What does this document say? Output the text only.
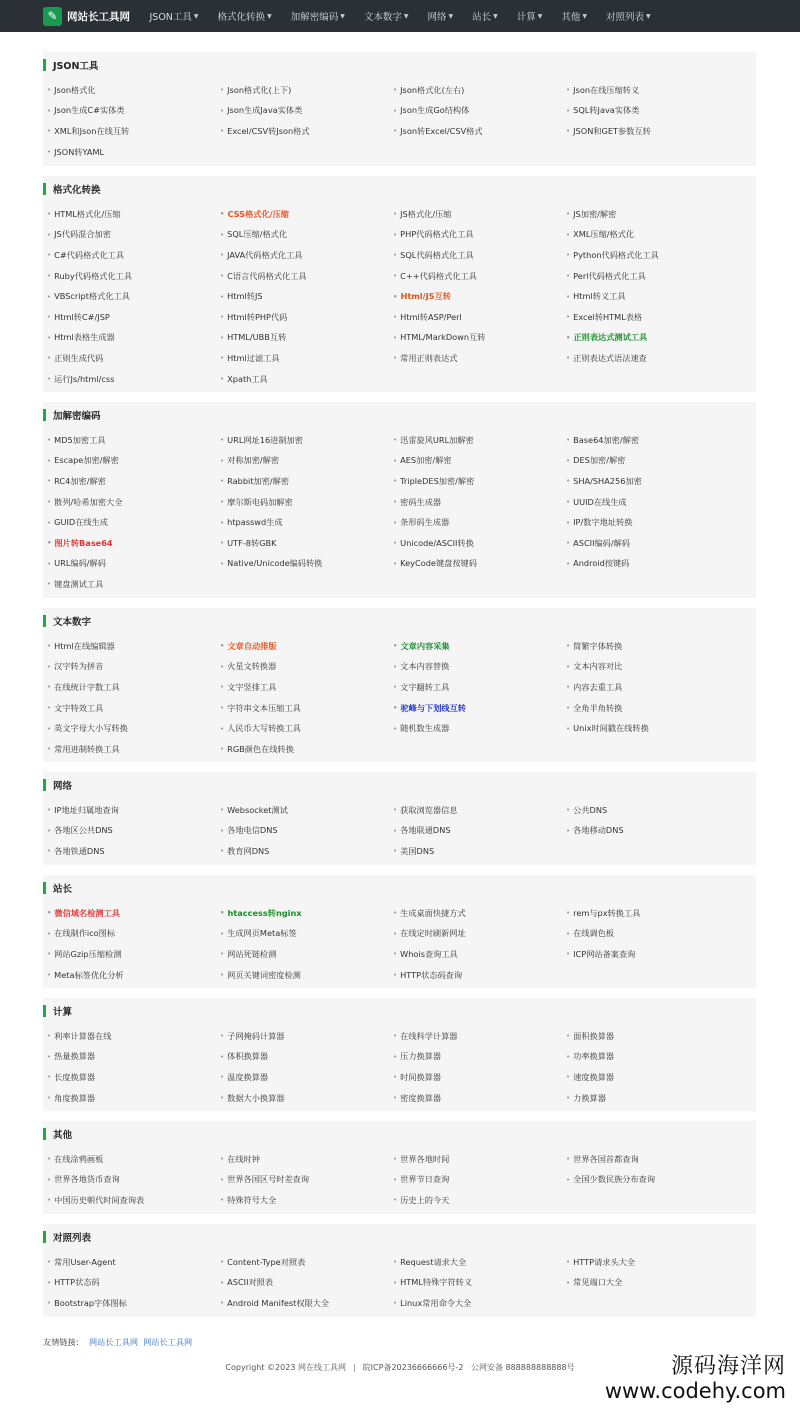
✎ 网站长工具网 JSON工具 ▼ 格式化转换 ▼ 加解密编码 ▼ 文本数字 ▼ 网络 ▼ 站长 ▼ 计算 ▼ 其他 ▼ 对照列表 ▼
JSON工具
• Json格式化	• Json格式化(上下)	• Json格式化(左右)	• Json在线压缩转义
• Json生成C#实体类	• Json生成Java实体类	• Json生成Go结构体	• SQL转Java实体类
• XML和Json在线互转	• Excel/CSV转Json格式	• Json转Excel/CSV格式	• JSON和GET参数互转
• JSON转YAML
格式化转换
• HTML格式化/压缩	• CSS格式化/压缩	• JS格式化/压缩	• JS加密/解密
• JS代码混合加密	• SQL压缩/格式化	• PHP代码格式化工具	• XML压缩/格式化
• C#代码格式化工具	• JAVA代码格式化工具	• SQL代码格式化工具	• Python代码格式化工具
• Ruby代码格式化工具	• C语言代码格式化工具	• C++代码格式化工具	• Perl代码格式化工具
• VBScript格式化工具	• Html转JS	• Html/JS互转	• Html转义工具
• Html转C#/JSP	• Html转PHP代码	• Html转ASP/Perl	• Excel转HTML表格
• Html表格生成器	• HTML/UBB互转	• HTML/MarkDown互转	• 正则表达式测试工具
• 正则生成代码	• Html过滤工具	• 常用正则表达式	• 正则表达式语法速查
• 运行Js/html/css	• Xpath工具
加解密编码
• MD5加密工具	• URL网址16进制加密	• 迅雷旋风URL加解密	• Base64加密/解密
• Escape加密/解密	• 对称加密/解密	• AES加密/解密	• DES加密/解密
• RC4加密/解密	• Rabbit加密/解密	• TripleDES加密/解密	• SHA/SHA256加密
• 散列/哈希加密大全	• 摩尔斯电码加解密	• 密码生成器	• UUID在线生成
• GUID在线生成	• htpasswd生成	• 条形码生成器	• IP/数字地址转换
• 图片转Base64	• UTF-8转GBK	• Unicode/ASCII转换	• ASCII编码/解码
• URL编码/解码	• Native/Unicode编码转换	• KeyCode键盘按键码	• Android按键码
• 键盘测试工具
文本数字
• Html在线编辑器	• 文章自动排版	• 文章内容采集	• 简繁字体转换
• 汉字转为拼音	• 火星文转换器	• 文本内容替换	• 文本内容对比
• 在线统计字数工具	• 文字竖排工具	• 文字翻转工具	• 内容去重工具
• 文字特效工具	• 字符串文本压缩工具	• 驼峰与下划线互转	• 全角半角转换
• 英文字母大小写转换	• 人民币大写转换工具	• 随机数生成器	• Unix时间戳在线转换
• 常用进制转换工具	• RGB颜色在线转换
网络
• IP地址归属地查询	• Websocket测试	• 获取浏览器信息	• 公共DNS
• 各地区公共DNS	• 各地电信DNS	• 各地联通DNS	• 各地移动DNS
• 各地铁通DNS	• 教育网DNS	• 美国DNS
站长
• 微信域名检测工具	• htaccess转nginx	• 生成桌面快捷方式	• rem与px转换工具
• 在线制作ico图标	• 生成网页Meta标签	• 在线定时刷新网址	• 在线调色板
• 网站Gzip压缩检测	• 网站死链检测	• Whois查询工具	• ICP网站备案查询
• Meta标签优化分析	• 网页关键词密度检测	• HTTP状态码查询
计算
• 利率计算器在线	• 子网掩码计算器	• 在线科学计算器	• 面积换算器
• 热量换算器	• 体积换算器	• 压力换算器	• 功率换算器
• 长度换算器	• 温度换算器	• 时间换算器	• 速度换算器
• 角度换算器	• 数据大小换算器	• 密度换算器	• 力换算器
其他
• 在线涂鸦画板	• 在线时钟	• 世界各地时间	• 世界各国首都查询
• 世界各地货币查询	• 世界各国区号时差查询	• 世界节日查询	• 全国少数民族分布查询
• 中国历史朝代时间查询表	• 特殊符号大全	• 历史上的今天
对照列表
• 常用User-Agent	• Content-Type对照表	• Request请求大全	• HTTP请求头大全
• HTTP状态码	• ASCII对照表	• HTML特殊字符转义	• 常见端口大全
• Bootstrap字体图标	• Android Manifest权限大全	• Linux常用命令大全
友情链接： 网站长工具网 网站长工具网
Copyright ©2023 网在线工具网 | 皖ICP备20236666666号-2 公网安备 888888888888号	源码海洋网
www.codehy.com
